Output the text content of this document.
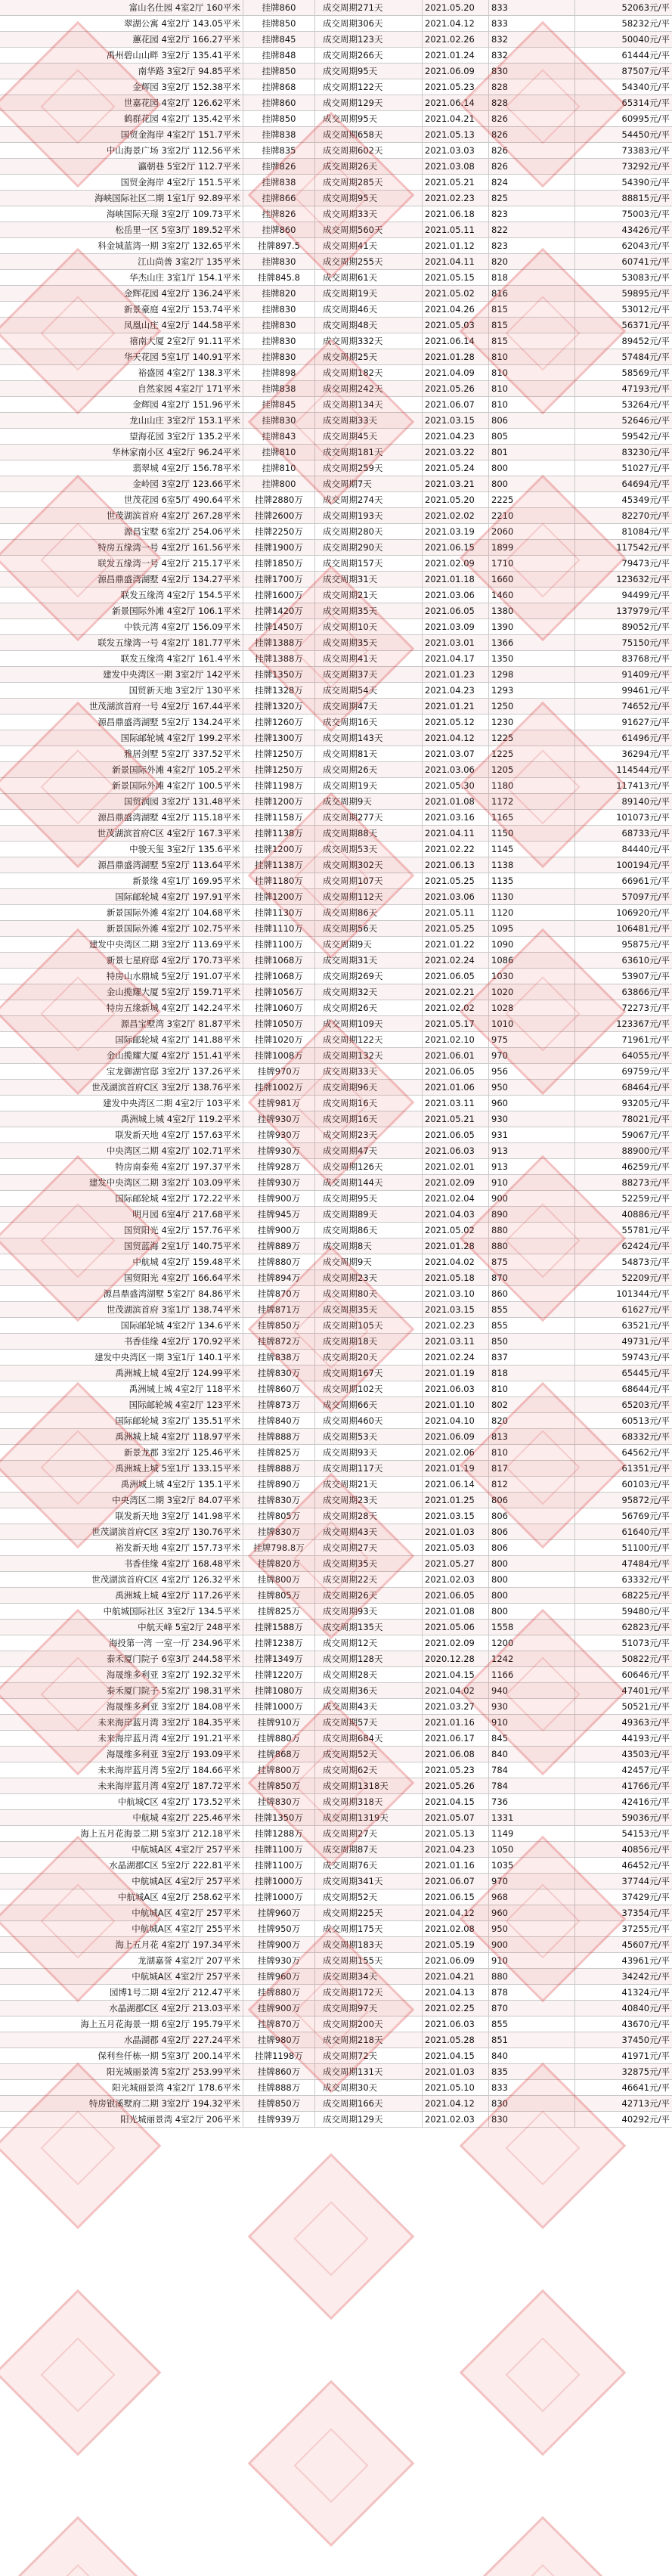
富山名仕园 4室2厅 160平米	挂牌860	成交周期271天	2021.05.20	833	52063元/平
翠湖公寓 4室2厅 143.05平米	挂牌850	成交周期306天	2021.04.12	833	58232元/平
蕙花园 4室2厅 166.27平米	挂牌845	成交周期123天	2021.02.26	832	50040元/平
禹州碧山山畔 3室2厅 135.41平米	挂牌848	成交周期266天	2021.01.24	832	61444元/平
南华路 3室2厅 94.85平米	挂牌850	成交周期95天	2021.06.09	830	87507元/平
金辉园 3室2厅 152.38平米	挂牌868	成交周期122天	2021.05.23	828	54340元/平
世嘉花园 4室2厅 126.62平米	挂牌860	成交周期129天	2021.06.14	828	65314元/平
鹤群花园 4室2厅 135.42平米	挂牌850	成交周期95天	2021.04.21	826	60995元/平
国贸金海岸 4室2厅 151.7平米	挂牌838	成交周期658天	2021.05.13	826	54450元/平
中山海景广场 3室2厅 112.56平米	挂牌835	成交周期602天	2021.03.03	826	73383元/平
瀛朝巷 5室2厅 112.7平米	挂牌826	成交周期26天	2021.03.08	826	73292元/平
国贸金海岸 4室2厅 151.5平米	挂牌838	成交周期285天	2021.05.21	824	54390元/平
海峡国际社区二期 1室1厅 92.89平米	挂牌866	成交周期95天	2021.02.23	825	88815元/平
海峡国际天璟 3室2厅 109.73平米	挂牌826	成交周期33天	2021.06.18	823	75003元/平
松岳里一区 5室3厅 189.52平米	挂牌860	成交周期560天	2021.05.11	822	43426元/平
科金城蓝湾一期 3室2厅 132.65平米	挂牌897.5	成交周期41天	2021.01.12	823	62043元/平
江山尚善 3室2厅 135平米	挂牌830	成交周期255天	2021.04.11	820	60741元/平
华杰山庄 3室1厅 154.1平米	挂牌845.8	成交周期61天	2021.05.15	818	53083元/平
金辉花园 4室2厅 136.24平米	挂牌820	成交周期19天	2021.05.02	816	59895元/平
新景豪庭 4室2厅 153.74平米	挂牌830	成交周期46天	2021.04.26	815	53012元/平
凤凰山庄 4室2厅 144.58平米	挂牌830	成交周期48天	2021.05.03	815	56371元/平
禧南大厦 2室2厅 91.11平米	挂牌830	成交周期332天	2021.06.14	815	89452元/平
华天花园 5室1厅 140.91平米	挂牌830	成交周期25天	2021.01.28	810	57484元/平
裕盛园 4室2厅 138.3平米	挂牌898	成交周期182天	2021.04.09	810	58569元/平
自然家园 4室2厅 171平米	挂牌838	成交周期242天	2021.05.26	810	47193元/平
金辉园 4室2厅 151.96平米	挂牌845	成交周期134天	2021.06.07	810	53264元/平
龙山山庄 3室2厅 153.1平米	挂牌830	成交周期33天	2021.03.15	806	52646元/平
望海花园 3室2厅 135.2平米	挂牌843	成交周期45天	2021.04.23	805	59542元/平
华林家南小区 4室2厅 96.24平米	挂牌810	成交周期181天	2021.03.22	801	83230元/平
翡翠城 4室2厅 156.78平米	挂牌810	成交周期259天	2021.05.24	800	51027元/平
金岭园 3室2厅 123.66平米	挂牌800	成交周期7天	2021.03.21	800	64694元/平
世茂花园 6室5厅 490.64平米	挂牌2880万	成交周期274天	2021.05.20	2225	45349元/平
世茂湖滨首府 4室2厅 267.28平米	挂牌2600万	成交周期193天	2021.02.02	2210	82270元/平
源昌宝墅 6室2厅 254.06平米	挂牌2250万	成交周期280天	2021.03.19	2060	81084元/平
特房五缘湾一号 4室2厅 161.56平米	挂牌1900万	成交周期290天	2021.06.15	1899	117542元/平
联发五缘湾一号 4室2厅 215.17平米	挂牌1850万	成交周期157天	2021.02.09	1710	79473元/平
源昌鼎盛湾湖墅 4室2厅 134.27平米	挂牌1700万	成交周期31天	2021.01.18	1660	123632元/平
联发五缘湾 4室2厅 154.5平米	挂牌1600万	成交周期21天	2021.03.06	1460	94499元/平
新景国际外滩 4室2厅 106.1平米	挂牌1420万	成交周期35天	2021.06.05	1380	137979元/平
中铁元湾 4室2厅 156.09平米	挂牌1450万	成交周期10天	2021.03.09	1390	89052元/平
联发五缘湾一号 4室2厅 181.77平米	挂牌1388万	成交周期35天	2021.03.01	1366	75150元/平
联发五缘湾 4室2厅 161.4平米	挂牌1388万	成交周期41天	2021.04.17	1350	83768元/平
建发中央湾区一期 3室2厅 142平米	挂牌1350万	成交周期37天	2021.01.23	1298	91409元/平
国贸新天地 3室2厅 130平米	挂牌1328万	成交周期54天	2021.04.23	1293	99461元/平
世茂湖滨首府一号 4室2厅 167.44平米	挂牌1320万	成交周期47天	2021.01.21	1250	74652元/平
源昌鼎盛湾湖墅 5室2厅 134.24平米	挂牌1260万	成交周期16天	2021.05.12	1230	91627元/平
国际邮轮城 4室2厅 199.2平米	挂牌1300万	成交周期143天	2021.04.12	1225	61496元/平
雅居剑墅 5室2厅 337.52平米	挂牌1250万	成交周期81天	2021.03.07	1225	36294元/平
新景国际外滩 4室2厅 105.2平米	挂牌1250万	成交周期26天	2021.03.06	1205	114544元/平
新景国际外滩 4室2厅 100.5平米	挂牌1198万	成交周期19天	2021.05.30	1180	117413元/平
国贸润园 3室2厅 131.48平米	挂牌1200万	成交周期9天	2021.01.08	1172	89140元/平
源昌鼎盛湾湖墅 4室2厅 115.18平米	挂牌1158万	成交周期277天	2021.03.16	1165	101073元/平
世茂湖滨首府C区 4室2厅 167.3平米	挂牌1138万	成交周期88天	2021.04.11	1150	68733元/平
中骏天玺 3室2厅 135.6平米	挂牌1200万	成交周期53天	2021.02.22	1145	84440元/平
源昌鼎盛湾湖墅 5室2厅 113.64平米	挂牌1138万	成交周期302天	2021.06.13	1138	100194元/平
新景缘 4室1厅 169.95平米	挂牌1180万	成交周期107天	2021.05.25	1135	66961元/平
国际邮轮城 4室2厅 197.91平米	挂牌1200万	成交周期112天	2021.03.06	1130	57097元/平
新景国际外滩 4室2厅 104.68平米	挂牌1130万	成交周期86天	2021.05.11	1120	106920元/平
新景国际外滩 4室2厅 102.75平米	挂牌1110万	成交周期56天	2021.05.25	1095	106481元/平
建发中央湾区二期 3室2厅 113.69平米	挂牌1100万	成交周期9天	2021.01.22	1090	95875元/平
新景七星府邸 4室2厅 170.73平米	挂牌1068万	成交周期31天	2021.02.24	1086	63610元/平
特房山水鼎城 5室2厅 191.07平米	挂牌1068万	成交周期269天	2021.06.05	1030	53907元/平
金山揽耀大厦 5室2厅 159.71平米	挂牌1056万	成交周期32天	2021.02.21	1020	63866元/平
特房五缘新城 4室2厅 142.24平米	挂牌1060万	成交周期26天	2021.02.02	1028	72273元/平
源昌宝墅湾 3室2厅 81.87平米	挂牌1050万	成交周期109天	2021.05.17	1010	123367元/平
国际邮轮城 4室2厅 141.88平米	挂牌1020万	成交周期122天	2021.02.10	975	71961元/平
金山揽耀大厦 4室2厅 151.41平米	挂牌1008万	成交周期132天	2021.06.01	970	64055元/平
宝龙御湖官邸 3室2厅 137.26平米	挂牌970万	成交周期33天	2021.06.05	956	69759元/平
世茂湖滨首府C区 3室2厅 138.76平米	挂牌1002万	成交周期96天	2021.01.06	950	68464元/平
建发中央湾区二期 4室2厅 103平米	挂牌981万	成交周期16天	2021.03.11	960	93205元/平
禹洲城上城 4室2厅 119.2平米	挂牌930万	成交周期16天	2021.05.21	930	78021元/平
联发新天地 4室2厅 157.63平米	挂牌930万	成交周期23天	2021.06.05	931	59067元/平
中央湾区二期 4室2厅 102.71平米	挂牌930万	成交周期47天	2021.06.03	913	88900元/平
特房南泰苑 4室2厅 197.37平米	挂牌928万	成交周期126天	2021.02.01	913	46259元/平
建发中央湾区二期 3室2厅 103.09平米	挂牌930万	成交周期144天	2021.02.09	910	88273元/平
国际邮轮城 4室2厅 172.22平米	挂牌900万	成交周期95天	2021.02.04	900	52259元/平
明月园 6室4厅 217.68平米	挂牌945万	成交周期89天	2021.04.03	890	40886元/平
国贸阳光 4室2厅 157.76平米	挂牌900万	成交周期86天	2021.05.02	880	55781元/平
国贸蓝海 2室1厅 140.75平米	挂牌889万	成交周期8天	2021.01.28	880	62424元/平
中航城 4室2厅 159.48平米	挂牌880万	成交周期9天	2021.04.02	875	54873元/平
国贸阳光 4室2厅 166.64平米	挂牌894万	成交周期23天	2021.05.18	870	52209元/平
源昌鼎盛湾湖墅 5室2厅 84.86平米	挂牌870万	成交周期80天	2021.03.10	860	101344元/平
世茂湖滨首府 3室1厅 138.74平米	挂牌871万	成交周期35天	2021.03.15	855	61627元/平
国际邮轮城 4室2厅 134.6平米	挂牌850万	成交周期105天	2021.02.23	855	63521元/平
书香佳缘 4室2厅 170.92平米	挂牌872万	成交周期18天	2021.03.11	850	49731元/平
建发中央湾区一期 3室1厅 140.1平米	挂牌838万	成交周期20天	2021.02.24	837	59743元/平
禹洲城上城 4室2厅 124.99平米	挂牌830万	成交周期167天	2021.01.19	818	65445元/平
禹洲城上城 4室2厅 118平米	挂牌860万	成交周期102天	2021.06.03	810	68644元/平
国际邮轮城 4室2厅 123平米	挂牌873万	成交周期66天	2021.01.10	802	65203元/平
国际邮轮城 3室2厅 135.51平米	挂牌840万	成交周期460天	2021.04.10	820	60513元/平
禹洲城上城 4室2厅 118.97平米	挂牌888万	成交周期53天	2021.06.09	813	68332元/平
新景龙郡 3室2厅 125.46平米	挂牌825万	成交周期93天	2021.02.06	810	64562元/平
禹洲城上城 5室1厅 133.15平米	挂牌888万	成交周期117天	2021.01.19	817	61351元/平
禹洲城上城 4室2厅 135.1平米	挂牌890万	成交周期21天	2021.06.14	812	60103元/平
中央湾区二期 3室2厅 84.07平米	挂牌830万	成交周期23天	2021.01.25	806	95872元/平
联发新天地 3室2厅 141.98平米	挂牌805万	成交周期28天	2021.03.15	806	56769元/平
世茂湖滨首府C区 3室2厅 130.76平米	挂牌830万	成交周期43天	2021.01.03	806	61640元/平
裕发新天地 4室2厅 157.73平米	挂牌798.8万	成交周期27天	2021.05.03	806	51100元/平
书香佳缘 4室2厅 168.48平米	挂牌820万	成交周期35天	2021.05.27	800	47484元/平
世茂湖滨首府C区 4室2厅 126.32平米	挂牌800万	成交周期22天	2021.02.03	800	63332元/平
禹洲城上城 4室2厅 117.26平米	挂牌805万	成交周期26天	2021.06.05	800	68225元/平
中航城国际社区 3室2厅 134.5平米	挂牌825万	成交周期93天	2021.01.08	800	59480元/平
中航天峰 5室2厅 248平米	挂牌1588万	成交周期135天	2021.05.06	1558	62823元/平
海投第一湾 一室一厅 234.96平米	挂牌1238万	成交周期12天	2021.02.09	1200	51073元/平
泰禾厦门院子 6室3厅 244.58平米	挂牌1349万	成交周期128天	2020.12.28	1242	50822元/平
海晟维多利亚 3室2厅 192.32平米	挂牌1220万	成交周期28天	2021.04.15	1166	60646元/平
泰禾厦门院子 5室2厅 198.31平米	挂牌1080万	成交周期36天	2021.04.02	940	47401元/平
海晟维多利亚 3室2厅 184.08平米	挂牌1000万	成交周期43天	2021.03.27	930	50521元/平
未来海岸蓝月湾 3室2厅 184.35平米	挂牌910万	成交周期57天	2021.01.16	910	49363元/平
未来海岸蓝月湾 4室2厅 191.21平米	挂牌880万	成交周期684天	2021.06.17	845	44193元/平
海晟维多利亚 3室2厅 193.09平米	挂牌868万	成交周期52天	2021.06.08	840	43503元/平
未来海岸蓝月湾 5室2厅 184.66平米	挂牌800万	成交周期62天	2021.05.23	784	42457元/平
未来海岸蓝月湾 4室2厅 187.72平米	挂牌850万	成交周期1318天	2021.05.26	784	41766元/平
中航城C区 4室2厅 173.52平米	挂牌830万	成交周期318天	2021.04.15	736	42416元/平
中航城 4室2厅 225.46平米	挂牌1350万	成交周期1319天	2021.05.07	1331	59036元/平
海上五月花海景二期 5室3厅 212.18平米	挂牌1288万	成交周期27天	2021.05.13	1149	54153元/平
中航城A区 4室2厅 257平米	挂牌1100万	成交周期87天	2021.04.23	1050	40856元/平
水晶湖郡C区 5室2厅 222.81平米	挂牌1100万	成交周期76天	2021.01.16	1035	46452元/平
中航城A区 4室2厅 257平米	挂牌1000万	成交周期341天	2021.06.07	970	37744元/平
中航城A区 4室2厅 258.62平米	挂牌1000万	成交周期52天	2021.06.15	968	37429元/平
中航城A区 4室2厅 257平米	挂牌960万	成交周期225天	2021.04.12	960	37354元/平
中航城A区 4室2厅 255平米	挂牌950万	成交周期175天	2021.02.08	950	37255元/平
海上五月花 4室2厅 197.34平米	挂牌900万	成交周期183天	2021.05.19	900	45607元/平
龙湖嘉誉 4室2厅 207平米	挂牌930万	成交周期155天	2021.06.09	910	43961元/平
中航城A区 4室2厅 257平米	挂牌960万	成交周期34天	2021.04.21	880	34242元/平
园博1号二期 4室2厅 212.47平米	挂牌880万	成交周期172天	2021.04.13	878	41324元/平
水晶湖郡C区 4室2厅 213.03平米	挂牌900万	成交周期97天	2021.02.25	870	40840元/平
海上五月花海景一期 6室2厅 195.79平米	挂牌870万	成交周期200天	2021.06.03	855	43670元/平
水晶湖郡 4室2厅 227.24平米	挂牌980万	成交周期218天	2021.05.28	851	37450元/平
保利叁仟栋一期 5室3厅 200.14平米	挂牌1198万	成交周期72天	2021.04.15	840	41971元/平
阳光城丽景湾 5室2厅 253.99平米	挂牌860万	成交周期131天	2021.01.03	835	32875元/平
阳光城丽景湾 4室2厅 178.6平米	挂牌888万	成交周期30天	2021.05.10	833	46641元/平
特房银溪墅府二期 3室2厅 194.32平米	挂牌850万	成交周期166天	2021.04.12	830	42713元/平
阳光城丽景湾 4室2厅 206平米	挂牌939万	成交周期129天	2021.02.03	830	40292元/平
